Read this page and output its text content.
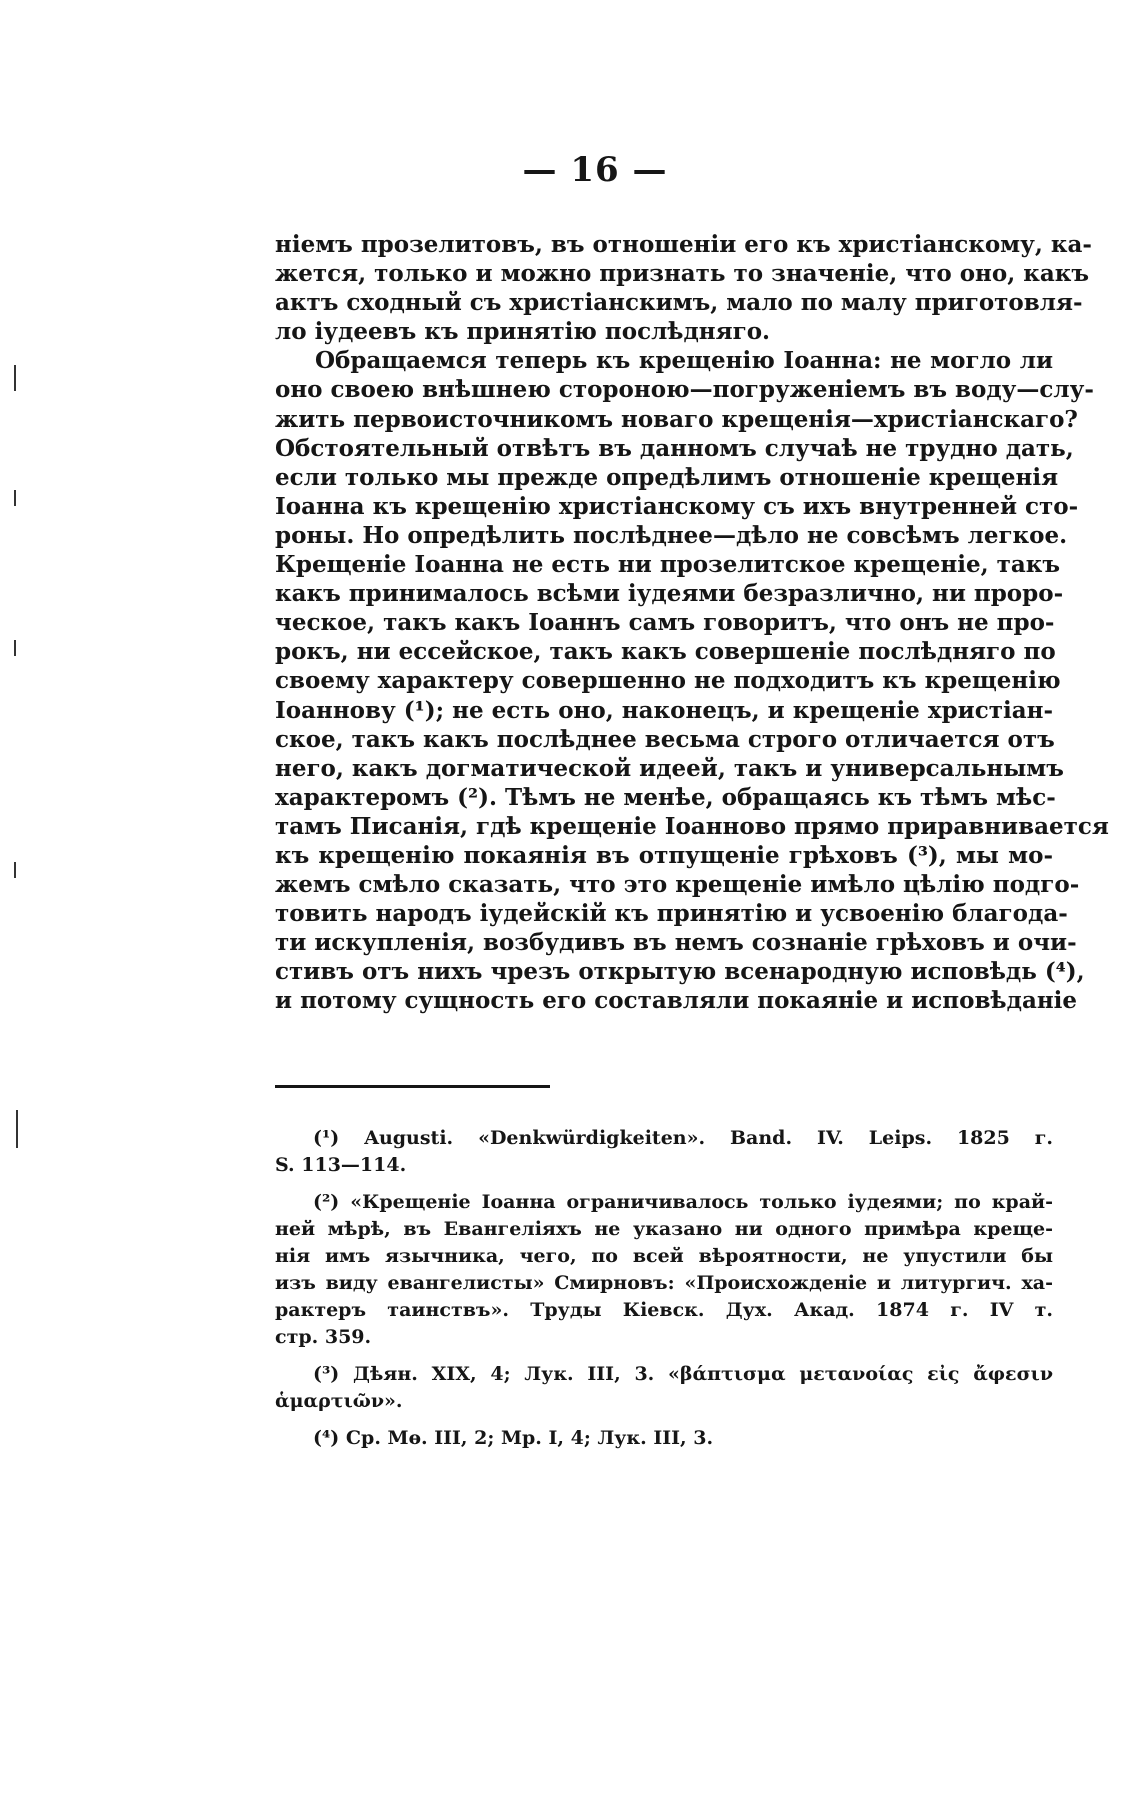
— 16 —
ніемъ прозелитовъ, въ отношеніи его къ христіанскому, ка-
жется, только и можно признать то значеніе, что оно, какъ
актъ сходный съ христіанскимъ, мало по малу приготовля-
ло іудеевъ къ принятію послѣдняго.
Обращаемся теперь къ крещенію Іоанна: не могло ли
оно своею внѣшнею стороною—погруженіемъ въ воду—слу-
жить первоисточникомъ новаго крещенія—христіанскаго?
Обстоятельный отвѣтъ въ данномъ случаѣ не трудно дать,
если только мы прежде опредѣлимъ отношеніе крещенія
Іоанна къ крещенію христіанскому съ ихъ внутренней сто-
роны. Но опредѣлить послѣднее—дѣло не совсѣмъ легкое.
Крещеніе Іоанна не есть ни прозелитское крещеніе, такъ
какъ принималось всѣми іудеями безразлично, ни проро-
ческое, такъ какъ Іоаннъ самъ говоритъ, что онъ не про-
рокъ, ни ессейское, такъ какъ совершеніе послѣдняго по
своему характеру совершенно не подходитъ къ крещенію
Іоаннову (¹); не есть оно, наконецъ, и крещеніе христіан-
ское, такъ какъ послѣднее весьма строго отличается отъ
него, какъ догматической идеей, такъ и универсальнымъ
характеромъ (²). Тѣмъ не менѣе, обращаясь къ тѣмъ мѣс-
тамъ Писанія, гдѣ крещеніе Іоанново прямо приравнивается
къ крещенію покаянія въ отпущеніе грѣховъ (³), мы мо-
жемъ смѣло сказать, что это крещеніе имѣло цѣлію подго-
товить народъ іудейскій къ принятію и усвоенію благода-
ти искупленія, возбудивъ въ немъ сознаніе грѣховъ и очи-
стивъ отъ нихъ чрезъ открытую всенародную исповѣдь (⁴),
и потому сущность его составляли покаяніе и исповѣданіе
(¹) Augusti. «Denkwürdigkeiten». Band. IV. Leips. 1825 г.
S. 113—114.
(²) «Крещеніе Іоанна ограничивалось только іудеями; по край-
ней мѣрѣ, въ Евангеліяхъ не указано ни одного примѣра креще-
нія имъ язычника, чего, по всей вѣроятности, не упустили бы
изъ виду евангелисты» Смирновъ: «Происхожденіе и литургич. ха-
рактеръ таинствъ». Труды Кіевск. Дух. Акад. 1874 г. IV т.
стр. 359.
(³) Дѣян. XIX, 4; Лук. III, 3. «βάπτισμα μετανοίας εἰς ἄφεσιν
ἁμαρτιῶν».
(⁴) Ср. Мѳ. III, 2; Мр. I, 4; Лук. III, 3.
